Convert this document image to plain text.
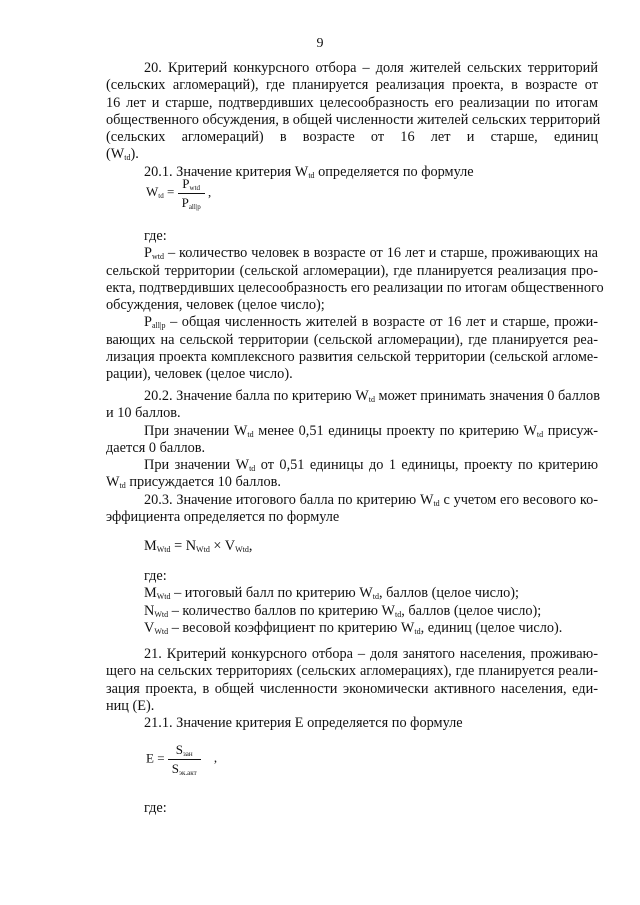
9

20. Критерий конкурсного отбора – доля жителей сельских территорий
(сельских агломераций), где планируется реализация проекта, в возрасте от
16 лет и старше, подтвердивших целесообразность его реализации по итогам
общественного обсуждения, в общей численности жителей сельских территорий
(сельских агломераций) в возрасте от 16 лет и старше, единиц
$(W_{td})$.

20.1. Значение критерия $W_{td}$ определяется по формуле

Wtd = $\frac{\text{Pwtd}}{\text{Pall|p}}$ ,

где:

$P_{wtd}$ – количество человек в возрасте от 16 лет и старше, проживающих на
сельской территории (сельской агломерации), где планируется реализация про-
екта, подтвердивших целесообразность его реализации по итогам общественного
обсуждения, человек (целое число);

$P_{all|p}$ – общая численность жителей в возрасте от 16 лет и старше, прожи-
вающих на сельской территории (сельской агломерации), где планируется реа-
лизация проекта комплексного развития сельской территории (сельской агломе-
рации), человек (целое число).

20.2. Значение балла по критерию $W_{td}$ может принимать значения 0 баллов
и 10 баллов.

При значении $W_{td}$ менее 0,51 единицы проекту по критерию $W_{td}$ присуж-
дается 0 баллов.

При значении $W_{td}$ от 0,51 единицы до 1 единицы, проекту по критерию
$W_{td}$ присуждается 10 баллов.

20.3. Значение итогового балла по критерию $W_{td}$ с учетом его весового ко-
эффициента определяется по формуле

$M_{Wtd} = N_{Wtd} \times V_{Wtd}$,

где:

$M_{Wtd}$ – итоговый балл по критерию $W_{td}$, баллов (целое число);

$N_{Wtd}$ – количество баллов по критерию $W_{td}$, баллов (целое число);

$V_{Wtd}$ – весовой коэффициент по критерию $W_{td}$, единиц (целое число).

21. Критерий конкурсного отбора – доля занятого населения, проживаю-
щего на сельских территориях (сельских агломерациях), где планируется реали-
зация проекта, в общей численности экономически активного населения, еди-
ниц (E).

21.1. Значение критерия E определяется по формуле

$E = \frac{\text{Sзан}}{\text{Sэк.акт}}$ ,
где:
